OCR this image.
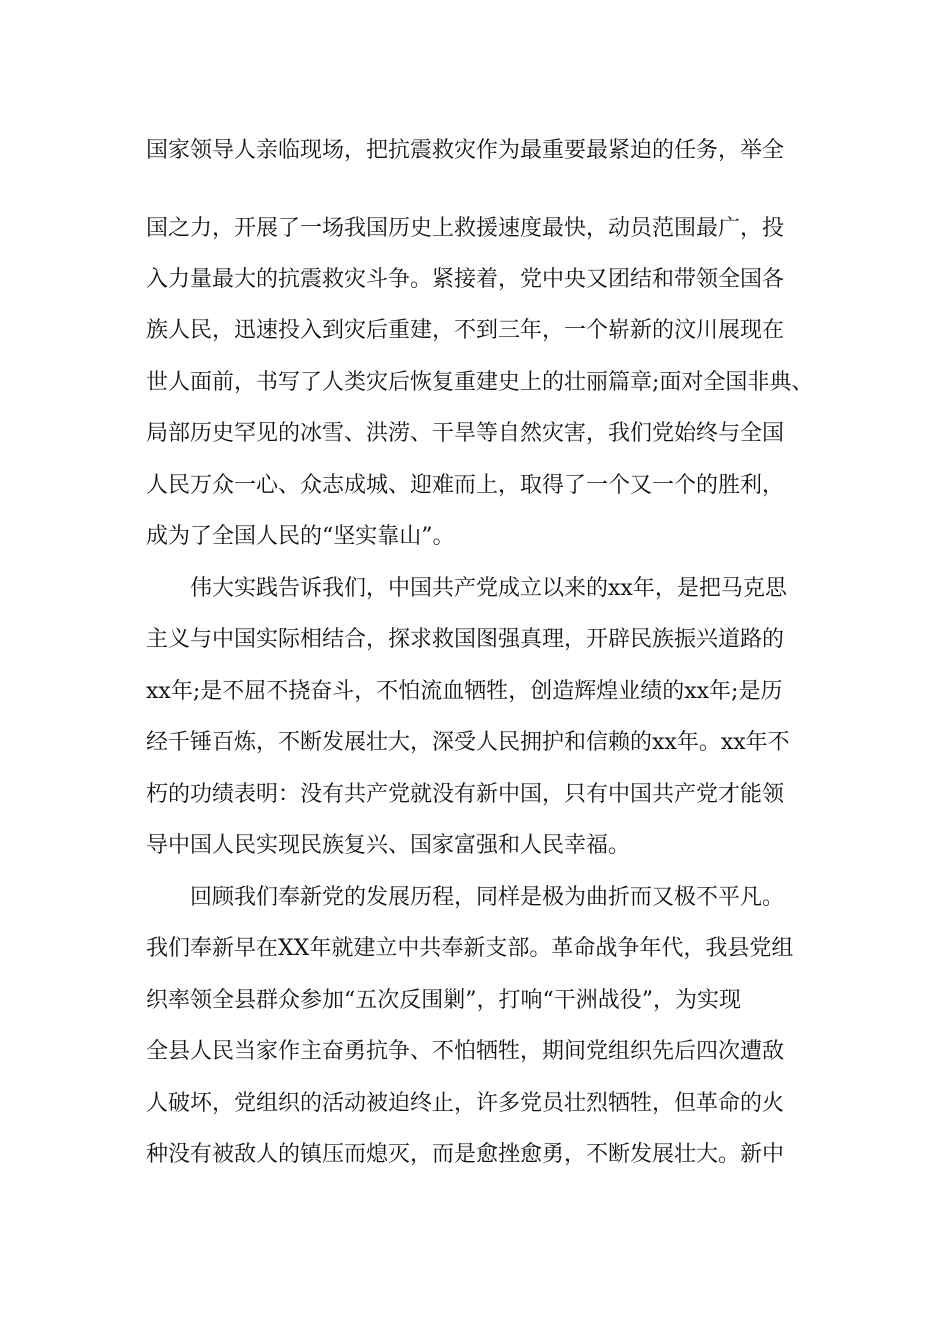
国家领导人亲临现场，把抗震救灾作为最重要最紧迫的任务，举全
国之力，开展了一场我国历史上救援速度最快，动员范围最广，投
入力量最大的抗震救灾斗争。紧接着，党中央又团结和带领全国各
族人民，迅速投入到灾后重建，不到三年，一个崭新的汶川展现在
世人面前，书写了人类灾后恢复重建史上的壮丽篇章;面对全国非典、
局部历史罕见的冰雪、洪涝、干旱等自然灾害，我们党始终与全国
人民万众一心、众志成城、迎难而上，取得了一个又一个的胜利，
成为了全国人民的“坚实靠山”。
伟大实践告诉我们，中国共产党成立以来的xx年，是把马克思
主义与中国实际相结合，探求救国图强真理，开辟民族振兴道路的
xx年;是不屈不挠奋斗，不怕流血牺牲，创造辉煌业绩的xx年;是历
经千锤百炼，不断发展壮大，深受人民拥护和信赖的xx年。xx年不
朽的功绩表明：没有共产党就没有新中国，只有中国共产党才能领
导中国人民实现民族复兴、国家富强和人民幸福。
回顾我们奉新党的发展历程，同样是极为曲折而又极不平凡。
我们奉新早在XX年就建立中共奉新支部。革命战争年代，我县党组
织率领全县群众参加“五次反围剿”，打响“干洲战役”，为实现
全县人民当家作主奋勇抗争、不怕牺牲，期间党组织先后四次遭敌
人破坏，党组织的活动被迫终止，许多党员壮烈牺牲，但革命的火
种没有被敌人的镇压而熄灭，而是愈挫愈勇，不断发展壮大。新中
